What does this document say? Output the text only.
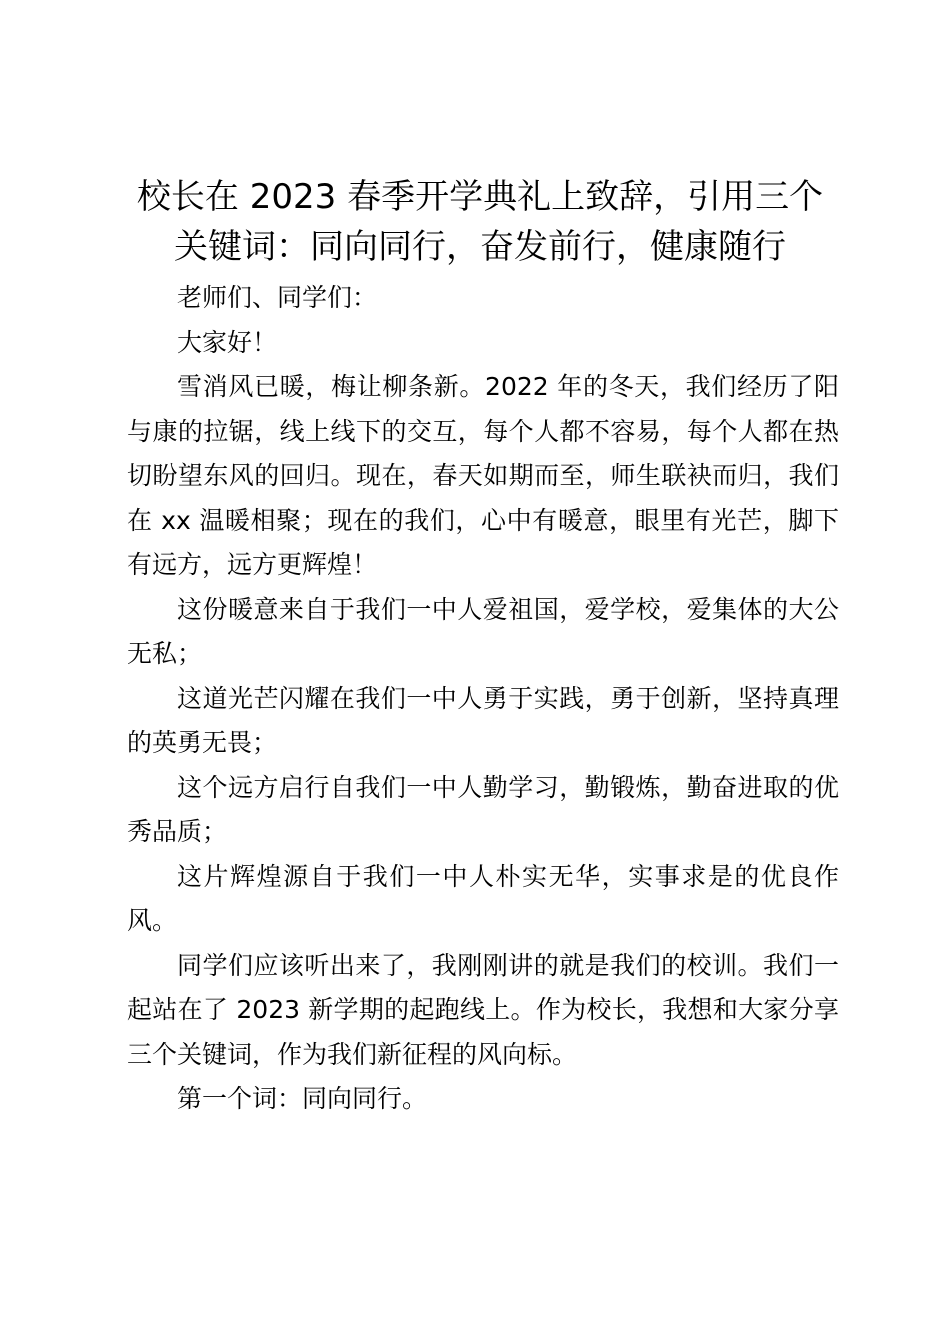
校长在 2023 春季开学典礼上致辞，引用三个
关键词：同向同行，奋发前行，健康随行

老师们、同学们：

大家好！

雪消风已暖，梅让柳条新。2022 年的冬天，我们经历了阳与康的拉锯，线上线下的交互，每个人都不容易，每个人都在热切盼望东风的回归。现在，春天如期而至，师生联袂而归，我们在 xx 温暖相聚；现在的我们，心中有暖意，眼里有光芒，脚下有远方，远方更辉煌！

这份暖意来自于我们一中人爱祖国，爱学校，爱集体的大公无私；

这道光芒闪耀在我们一中人勇于实践，勇于创新，坚持真理的英勇无畏；

这个远方启行自我们一中人勤学习，勤锻炼，勤奋进取的优秀品质；

这片辉煌源自于我们一中人朴实无华，实事求是的优良作风。

同学们应该听出来了，我刚刚讲的就是我们的校训。我们一起站在了 2023 新学期的起跑线上。作为校长，我想和大家分享三个关键词，作为我们新征程的风向标。

第一个词：同向同行。
